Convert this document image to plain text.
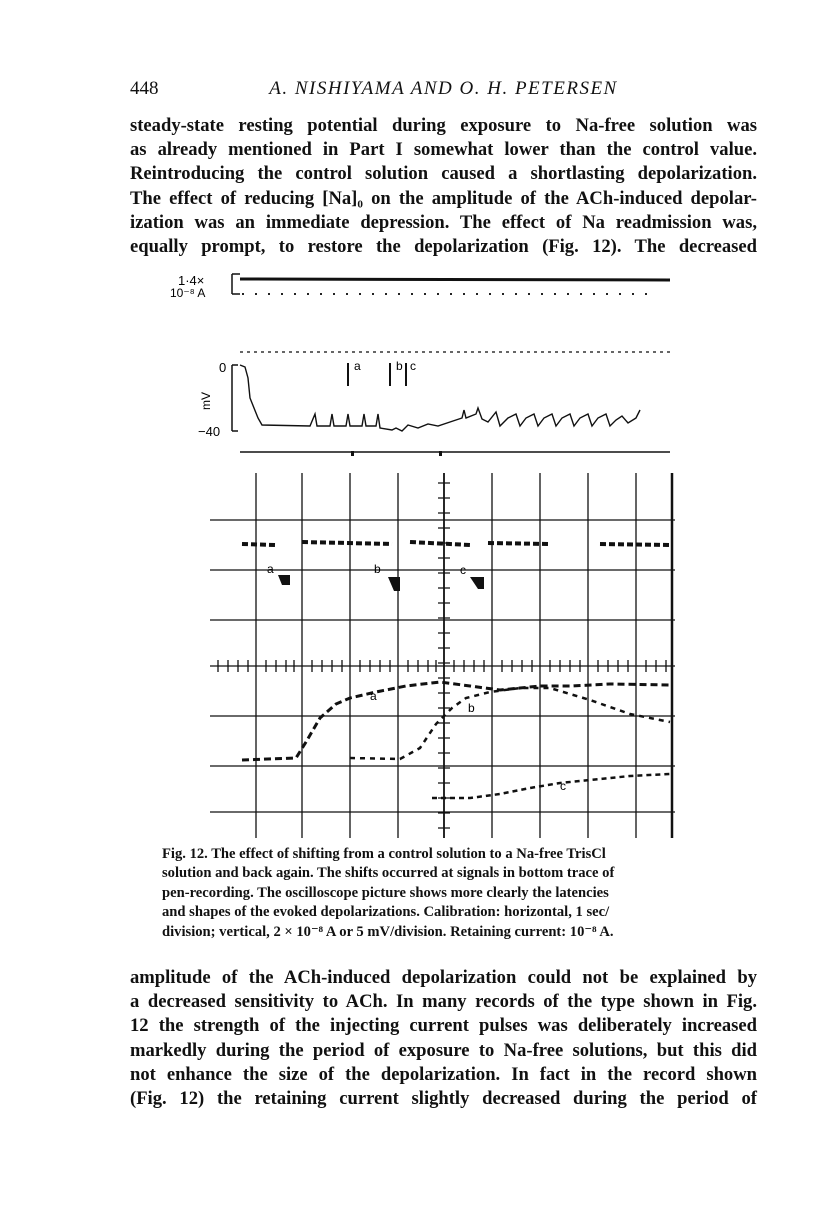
448	A. NISHIYAMA AND O. H. PETERSEN
steady-state resting potential during exposure to Na-free solution was
as already mentioned in Part I somewhat lower than the control value.
Reintroducing the control solution caused a shortlasting depolarization.
The effect of reducing [Na]₀ on the amplitude of the ACh-induced depolar-
ization was an immediate depression. The effect of Na readmission was,
equally prompt, to restore the depolarization (Fig. 12). The decreased
1·4×
10⁻⁸ A
0
−40
mV
a	b c
a	b	c
a
b
c
Fig. 12. The effect of shifting from a control solution to a Na-free TrisCl
solution and back again. The shifts occurred at signals in bottom trace of
pen-recording. The oscilloscope picture shows more clearly the latencies
and shapes of the evoked depolarizations. Calibration: horizontal, 1 sec/
division; vertical, 2 × 10⁻⁸ A or 5 mV/division. Retaining current: 10⁻⁸ A.
amplitude of the ACh-induced depolarization could not be explained by
a decreased sensitivity to ACh. In many records of the type shown in Fig.
12 the strength of the injecting current pulses was deliberately increased
markedly during the period of exposure to Na-free solutions, but this did
not enhance the size of the depolarization. In fact in the record shown
(Fig. 12) the retaining current slightly decreased during the period of
